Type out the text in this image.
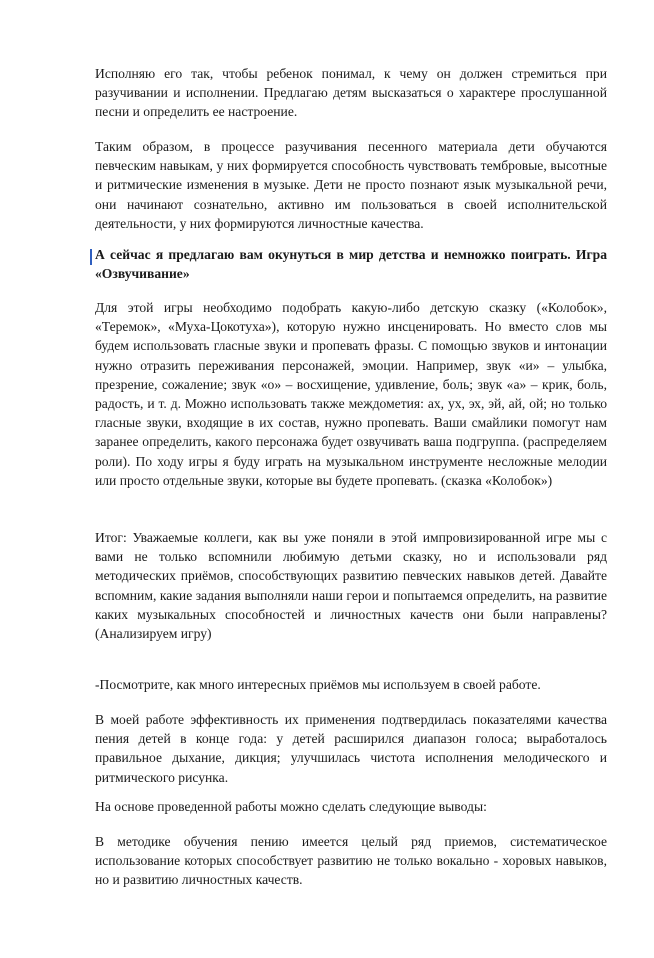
Исполняю его так, чтобы ребенок понимал, к чему он должен стремиться при разучивании и исполнении. Предлагаю детям высказаться о характере прослушанной песни и определить ее настроение.

Таким образом, в процессе разучивания песенного материала дети обучаются певческим навыкам, у них формируется способность чувствовать тембровые, высотные и ритмические изменения в музыке. Дети не просто познают язык музыкальной речи, они начинают сознательно, активно им пользоваться в своей исполнительской деятельности, у них формируются личностные качества.

А сейчас я предлагаю вам окунуться в мир детства и немножко поиграть. Игра «Озвучивание»

Для этой игры необходимо подобрать какую-либо детскую сказку («Колобок», «Теремок», «Муха-Цокотуха»), которую нужно инсценировать. Но вместо слов мы будем использовать гласные звуки и пропевать фразы. С помощью звуков и интонации нужно отразить переживания персонажей, эмоции. Например, звук «и» – улыбка, презрение, сожаление; звук «о» – восхищение, удивление, боль; звук «а» – крик, боль, радость, и т. д. Можно использовать также междометия: ах, ух, эх, эй, ай, ой; но только гласные звуки, входящие в их состав, нужно пропевать. Ваши смайлики помогут нам заранее определить, какого персонажа будет озвучивать ваша подгруппа. (распределяем роли). По ходу игры я буду играть на музыкальном инструменте несложные мелодии или просто отдельные звуки, которые вы будете пропевать. (сказка «Колобок»)

Итог: Уважаемые коллеги, как вы уже поняли в этой импровизированной игре мы с вами не только вспомнили любимую детьми сказку, но и использовали ряд методических приёмов, способствующих развитию певческих навыков детей. Давайте вспомним, какие задания выполняли наши герои и попытаемся определить, на развитие каких музыкальных способностей и личностных качеств они были направлены? (Анализируем игру)

-Посмотрите, как много интересных приёмов мы используем в своей работе.

В моей работе эффективность их применения подтвердилась показателями качества пения детей в конце года: у детей расширился диапазон голоса; выработалось правильное дыхание, дикция; улучшилась чистота исполнения мелодического и ритмического рисунка.

На основе проведенной работы можно сделать следующие выводы:

В методике обучения пению имеется целый ряд приемов, систематическое использование которых способствует развитию не только вокально - хоровых навыков, но и развитию личностных качеств.
